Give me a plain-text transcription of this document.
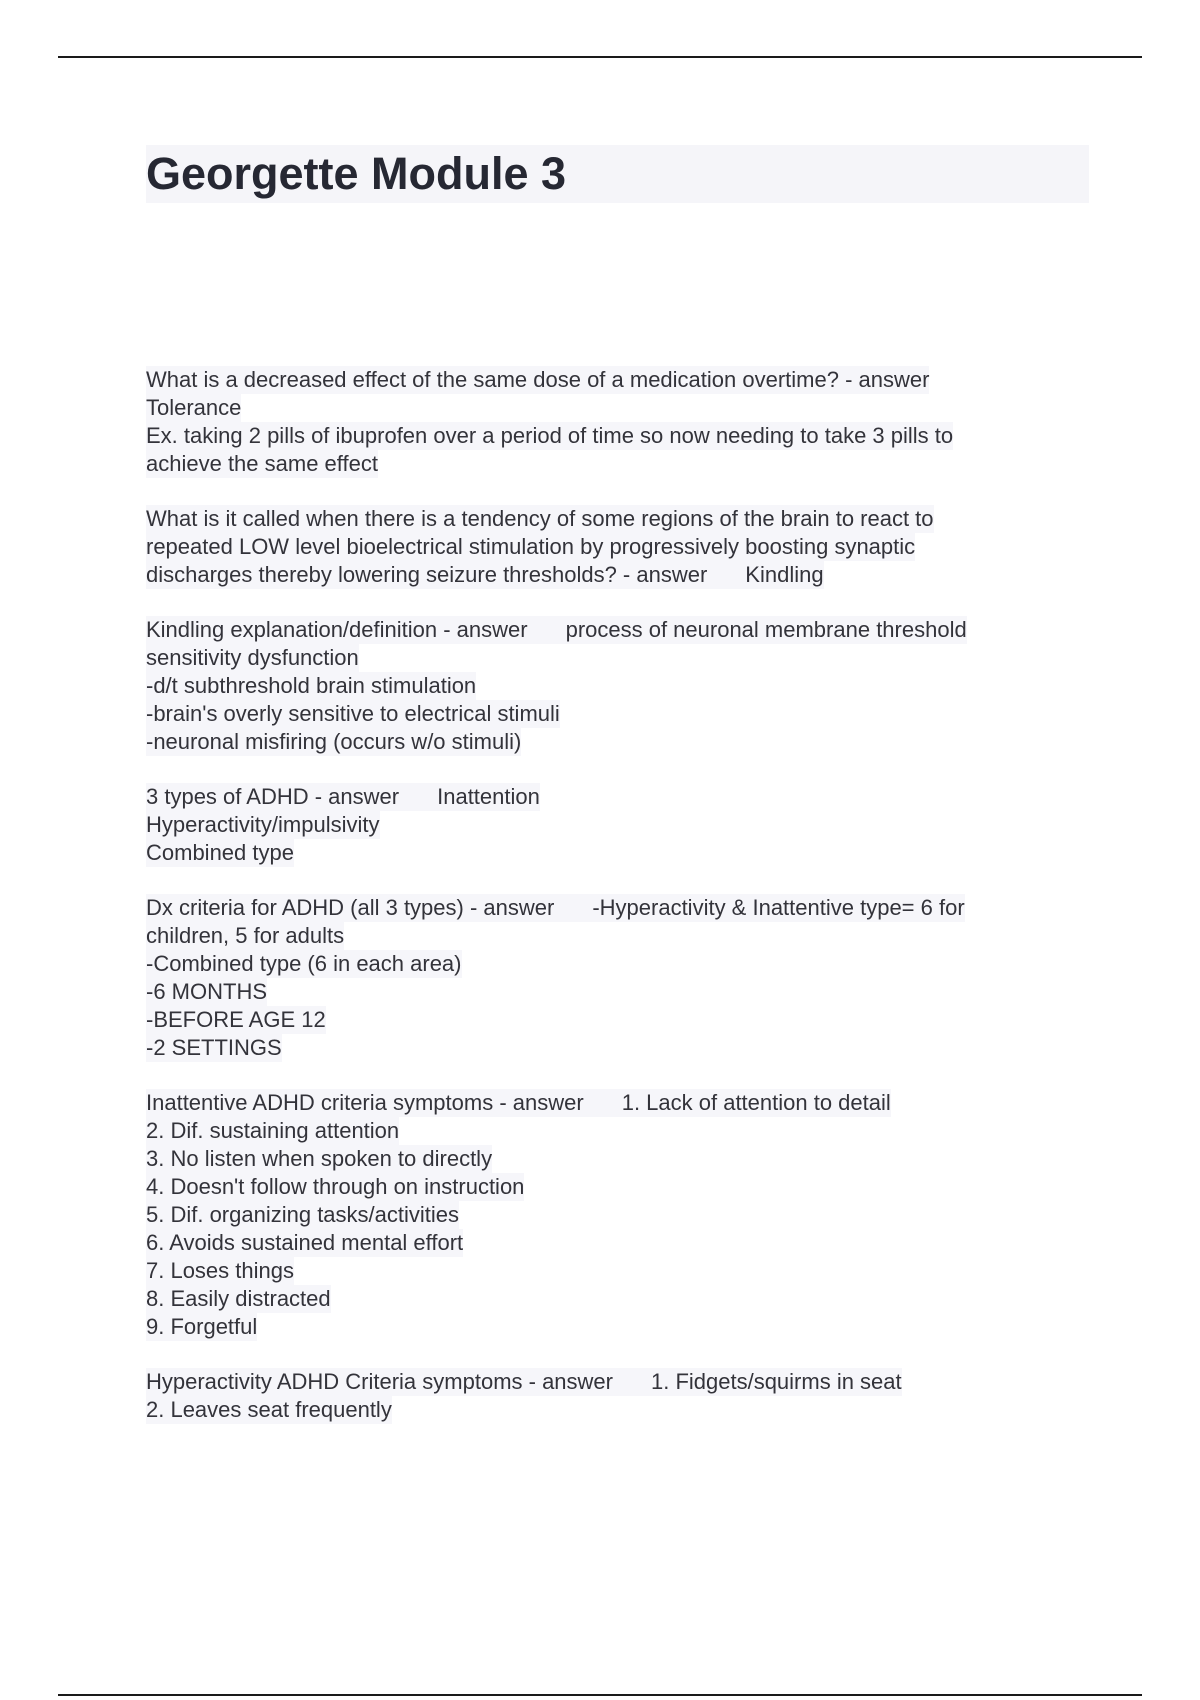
Georgette Module 3
What is a decreased effect of the same dose of a medication overtime? - answer
Tolerance
Ex. taking 2 pills of ibuprofen over a period of time so now needing to take 3 pills to
achieve the same effect
What is it called when there is a tendency of some regions of the brain to react to
repeated LOW level bioelectrical stimulation by progressively boosting synaptic
discharges thereby lowering seizure thresholds? - answer Kindling
Kindling explanation/definition - answer process of neuronal membrane threshold
sensitivity dysfunction
-d/t subthreshold brain stimulation
-brain's overly sensitive to electrical stimuli
-neuronal misfiring (occurs w/o stimuli)
3 types of ADHD - answer Inattention
Hyperactivity/impulsivity
Combined type
Dx criteria for ADHD (all 3 types) - answer -Hyperactivity & Inattentive type= 6 for
children, 5 for adults
-Combined type (6 in each area)
-6 MONTHS
-BEFORE AGE 12
-2 SETTINGS
Inattentive ADHD criteria symptoms - answer 1. Lack of attention to detail
2. Dif. sustaining attention
3. No listen when spoken to directly
4. Doesn't follow through on instruction
5. Dif. organizing tasks/activities
6. Avoids sustained mental effort
7. Loses things
8. Easily distracted
9. Forgetful
Hyperactivity ADHD Criteria symptoms - answer 1. Fidgets/squirms in seat
2. Leaves seat frequently
